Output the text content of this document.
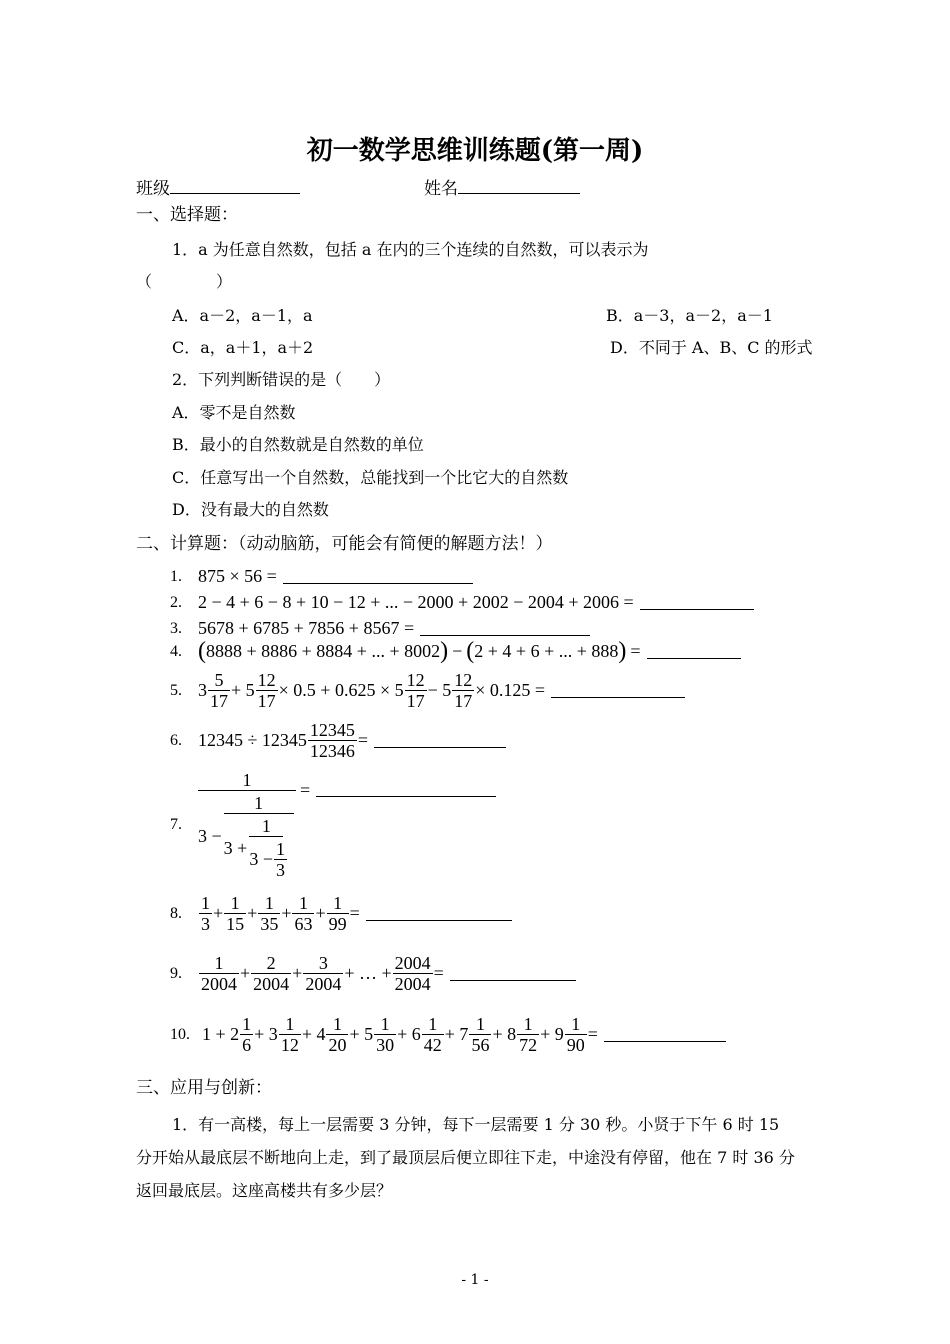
初一数学思维训练题(第一周)
班级	姓名
一、选择题：
1．a 为任意自然数，包括 a 在内的三个连续的自然数，可以表示为
（　　　　）
A．a－2，a－1，a	B．a－3，a－2，a－1
C．a，a＋1，a＋2	D．不同于 A、B、C 的形式
2．下列判断错误的是（　　）
A．零不是自然数
B．最小的自然数就是自然数的单位
C．任意写出一个自然数，总能找到一个比它大的自然数
D．没有最大的自然数
二、计算题：（动动脑筋，可能会有简便的解题方法！）
1. 875 × 56 =
2. 2 − 4 + 6 − 8 + 10 − 12 + ... − 2000 + 2002 − 2004 + 2006 =
3. 5678 + 6785 + 7856 + 8567 =
4. ( 8888 + 8886 + 8884 + ... + 8002 ) − ( 2 + 4 + 6 + ... + 888 ) =
5. $3 \frac{5}{17} + 5 \frac{12}{17} \times 0.5 + 0.625 \times 5 \frac{12}{17} - 5 \frac{12}{17} \times 0.125$ =
6. $12345 \div 12345 \frac{12345}{12346}$ =
7.
1
3 −
1
$3 + \frac{1}{3 - \frac{1}{3}}$
=
8. $\frac{1}{3} + \frac{1}{15} + \frac{1}{35} + \frac{1}{63} + \frac{1}{99}$ =
9. $\frac{1}{2004} + \frac{2}{2004} + \frac{3}{2004}$ + … + $\frac{2004}{2004}$ =
10. $1 + 2 \frac{1}{6} + 3 \frac{1}{12} + 4 \frac{1}{20} + 5 \frac{1}{30} + 6 \frac{1}{42} + 7 \frac{1}{56} + 8 \frac{1}{72} + 9 \frac{1}{90}$ =
三、应用与创新：
1．有一高楼，每上一层需要 3 分钟，每下一层需要 1 分 30 秒。小贤于下午 6 时 15
分开始从最底层不断地向上走，到了最顶层后便立即往下走，中途没有停留，他在 7 时 36 分
返回最底层。这座高楼共有多少层？
- 1 -
